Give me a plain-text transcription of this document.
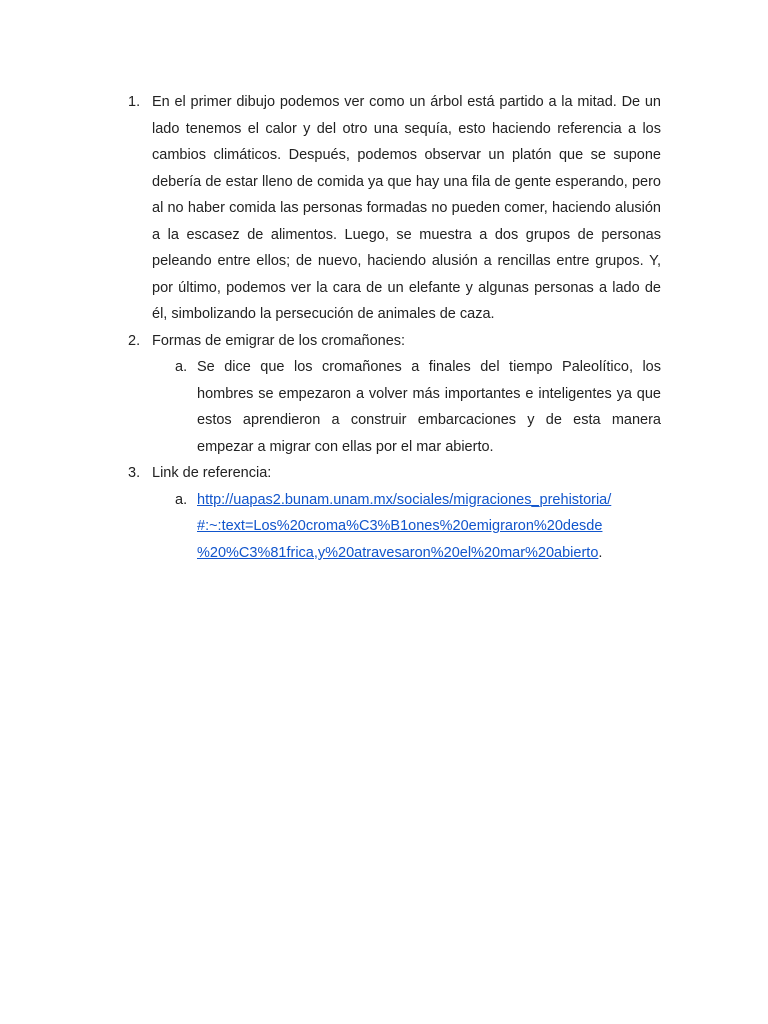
1. En el primer dibujo podemos ver como un árbol está partido a la mitad. De un lado tenemos el calor y del otro una sequía, esto haciendo referencia a los cambios climáticos. Después, podemos observar un platón que se supone debería de estar lleno de comida ya que hay una fila de gente esperando, pero al no haber comida las personas formadas no pueden comer, haciendo alusión a la escasez de alimentos. Luego, se muestra a dos grupos de personas peleando entre ellos; de nuevo, haciendo alusión a rencillas entre grupos. Y, por último, podemos ver la cara de un elefante y algunas personas a lado de él, simbolizando la persecución de animales de caza.
2. Formas de emigrar de los cromañones:
a. Se dice que los cromañones a finales del tiempo Paleolítico, los hombres se empezaron a volver más importantes e inteligentes ya que estos aprendieron a construir embarcaciones y de esta manera empezar a migrar con ellas por el mar abierto.
3. Link de referencia:
a. http://uapas2.bunam.unam.mx/sociales/migraciones_prehistoria/
#:~:text=Los%20croma%C3%B1ones%20emigraron%20desde
%20%C3%81frica,y%20atravesaron%20el%20mar%20abierto.
